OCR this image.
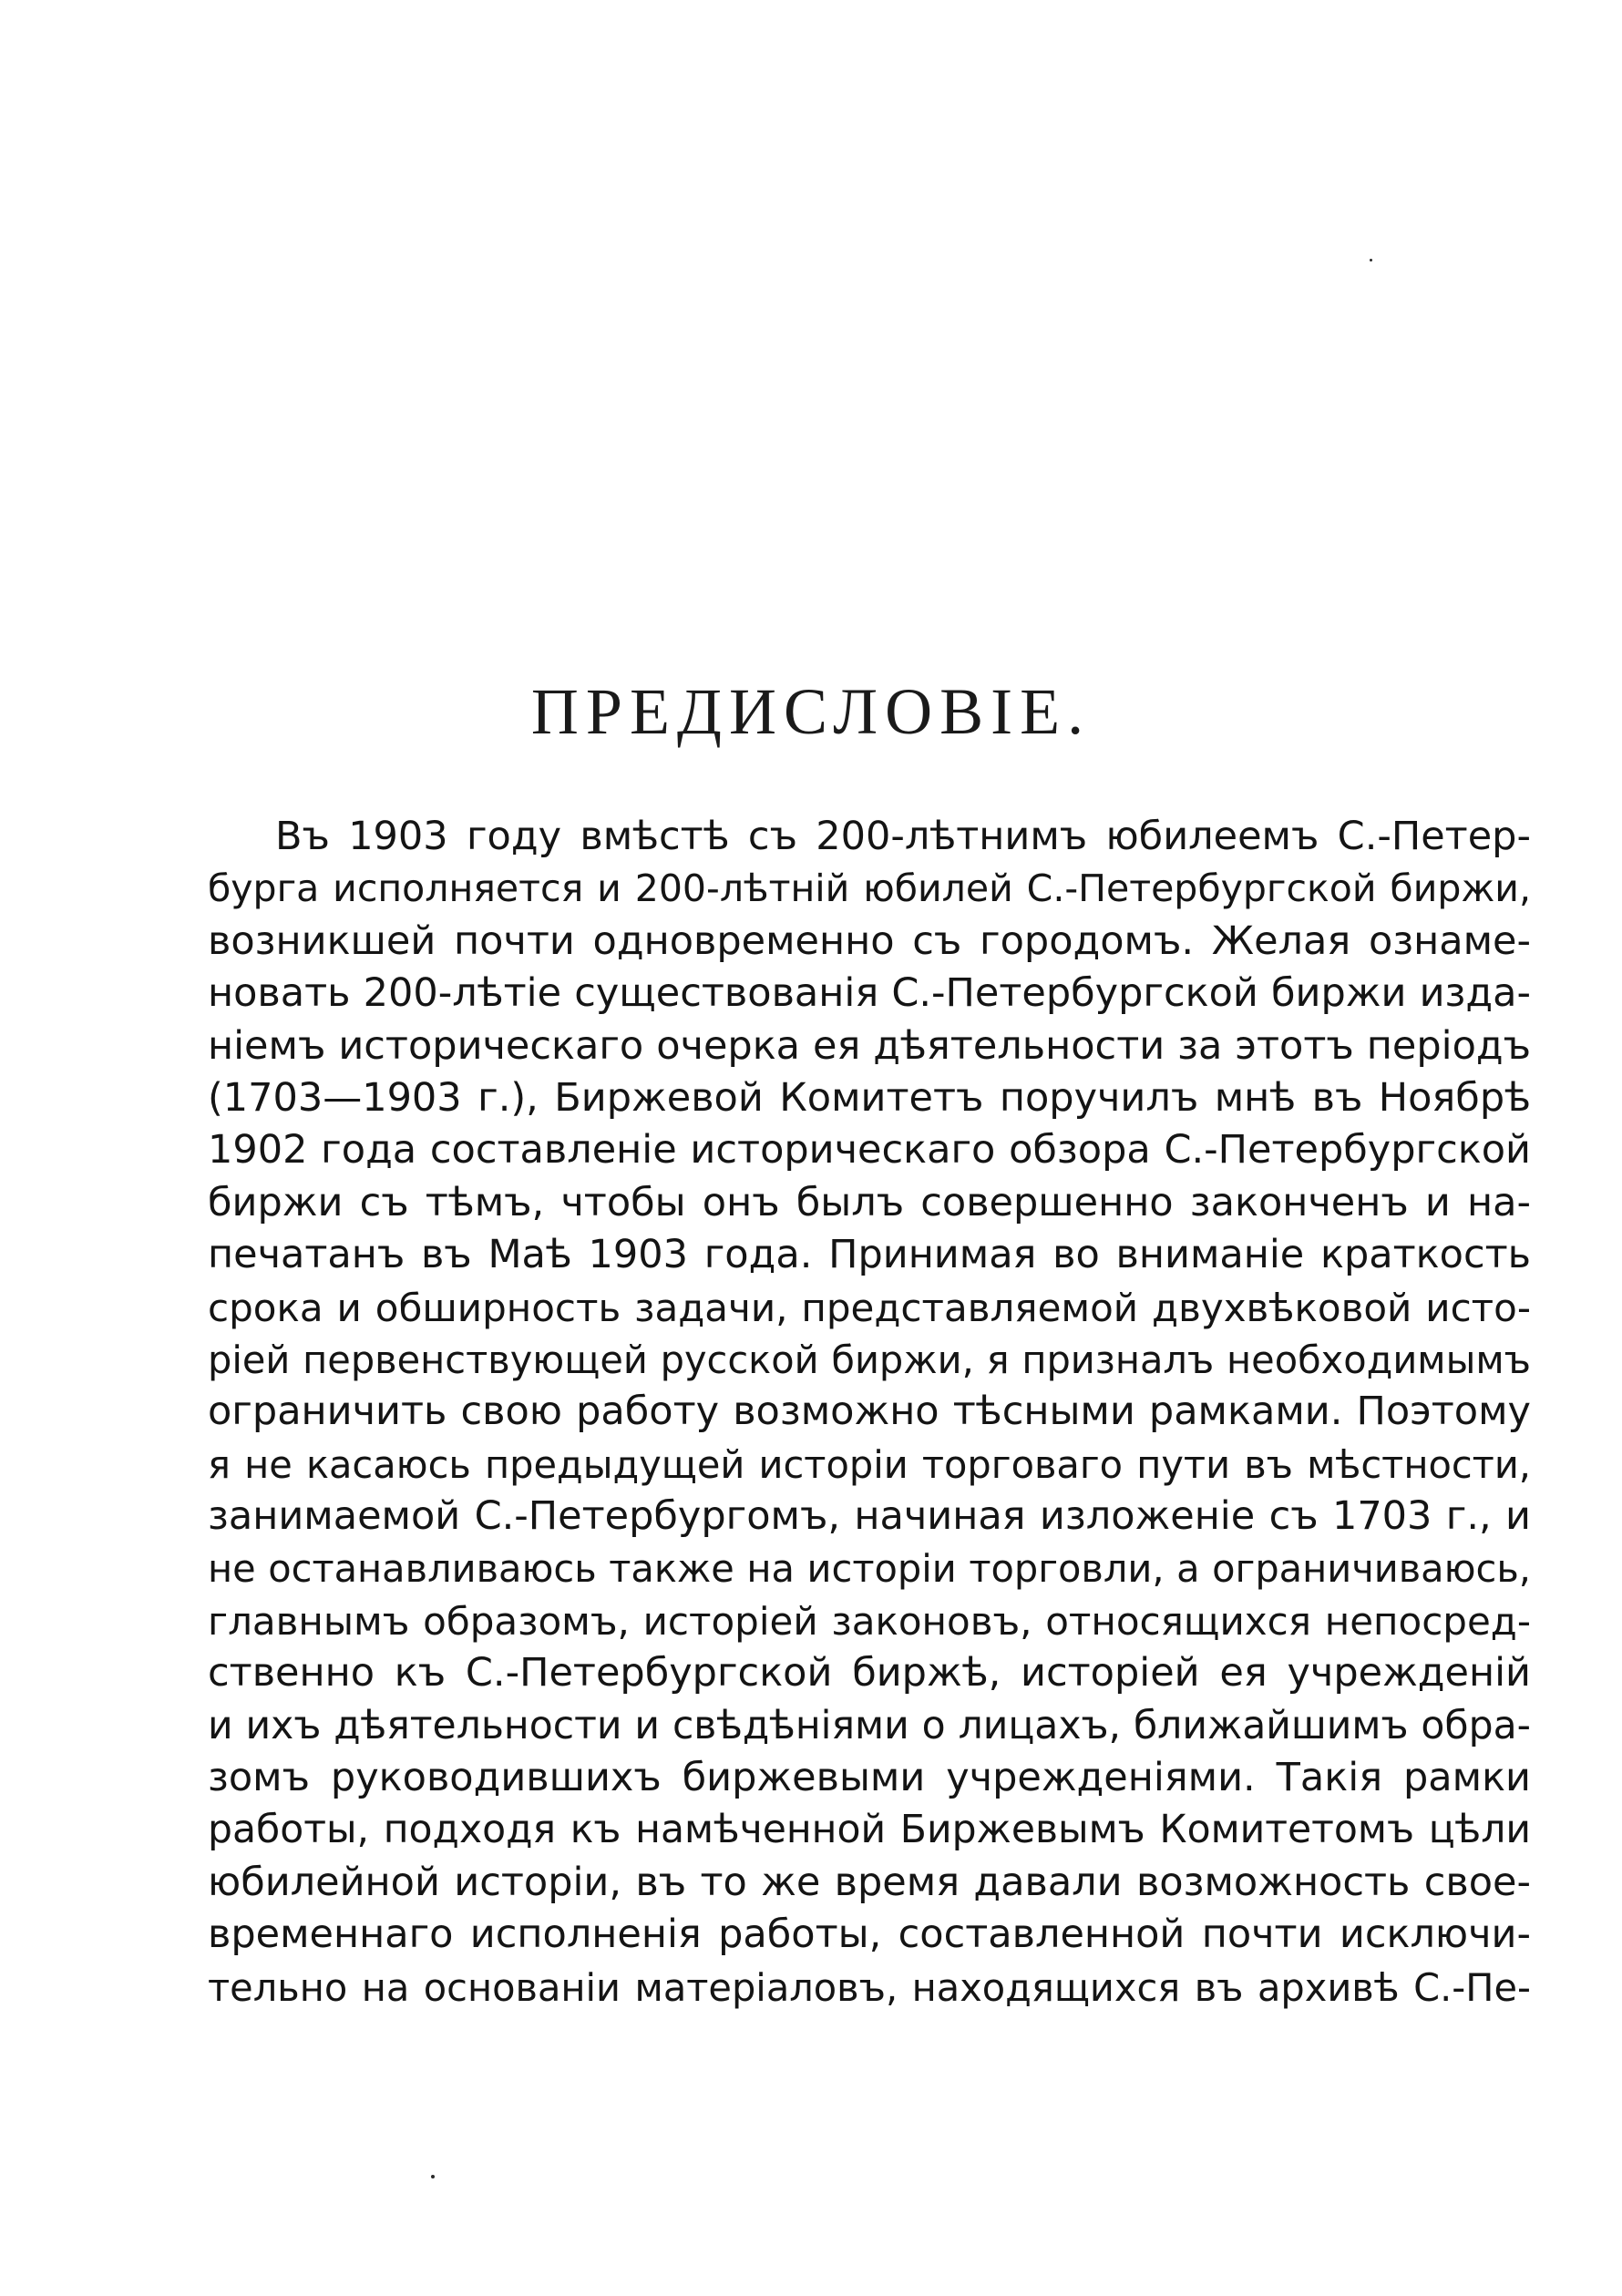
ПРЕДИСЛОВІЕ.
Въ 1903 году вмѣстѣ съ 200-лѣтнимъ юбилеемъ С.-Петер-
бурга исполняется и 200-лѣтній юбилей С.-Петербургской биржи,
возникшей почти одновременно съ городомъ. Желая ознаме-
новать 200-лѣтіе существованія С.-Петербургской биржи изда-
ніемъ историческаго очерка ея дѣятельности за этотъ періодъ
(1703—1903 г.), Биржевой Комитетъ поручилъ мнѣ въ Ноябрѣ
1902 года составленіе историческаго обзора С.-Петербургской
биржи съ тѣмъ, чтобы онъ былъ совершенно законченъ и на-
печатанъ въ Маѣ 1903 года. Принимая во вниманіе краткость
срока и обширность задачи, представляемой двухвѣковой исто-
ріей первенствующей русской биржи, я призналъ необходимымъ
ограничить свою работу возможно тѣсными рамками. Поэтому
я не касаюсь предыдущей исторіи торговаго пути въ мѣстности,
занимаемой С.-Петербургомъ, начиная изложеніе съ 1703 г., и
не останавливаюсь также на исторіи торговли, а ограничиваюсь,
главнымъ образомъ, исторіей законовъ, относящихся непосред-
ственно къ С.-Петербургской биржѣ, исторіей ея учрежденій
и ихъ дѣятельности и свѣдѣніями о лицахъ, ближайшимъ обра-
зомъ руководившихъ биржевыми учрежденіями. Такія рамки
работы, подходя къ намѣченной Биржевымъ Комитетомъ цѣли
юбилейной исторіи, въ то же время давали возможность свое-
временнаго исполненія работы, составленной почти исключи-
тельно на основаніи матеріаловъ, находящихся въ архивѣ С.-Пе-
